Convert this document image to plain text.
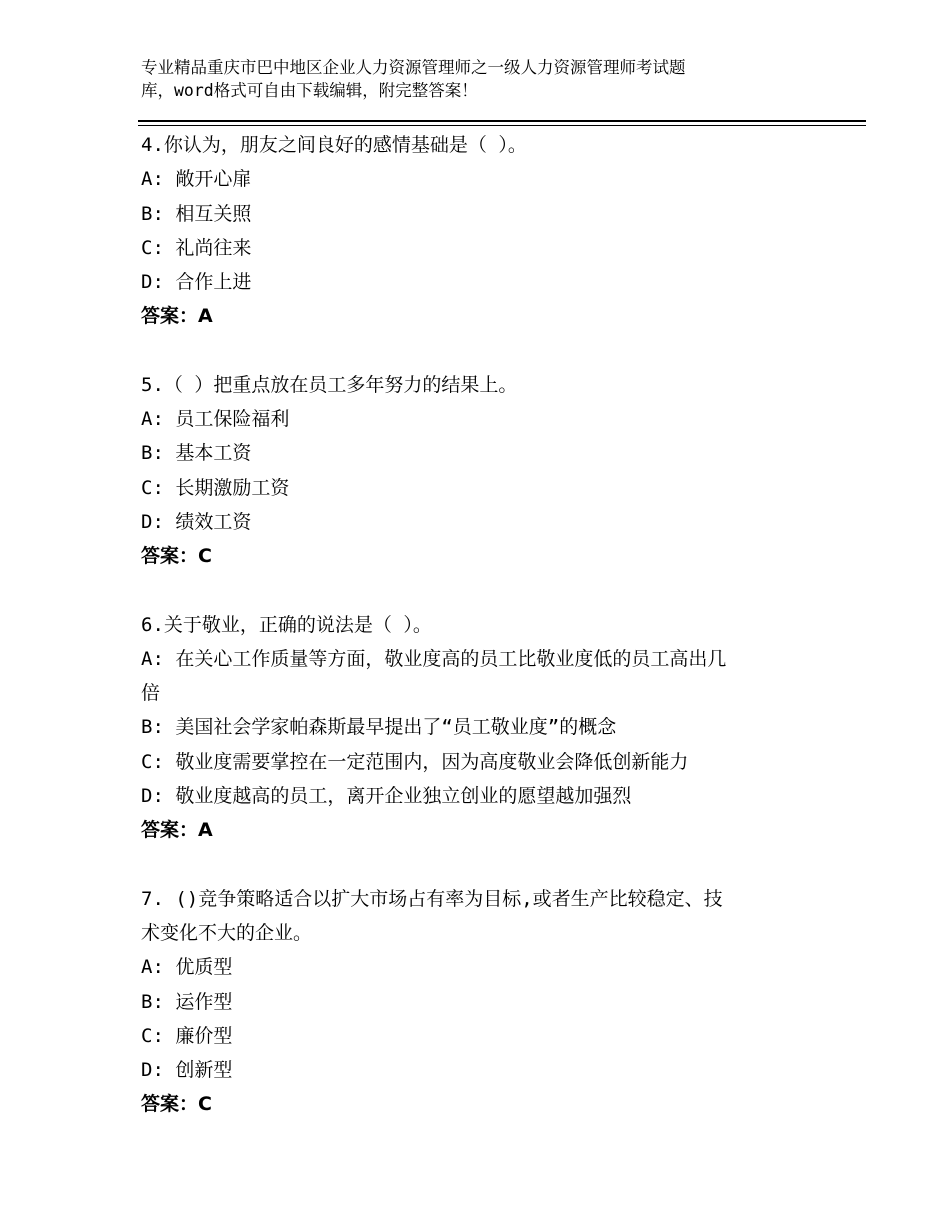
专业精品重庆市巴中地区企业人力资源管理师之一级人力资源管理师考试题
库，word格式可自由下载编辑，附完整答案！
4.你认为，朋友之间良好的感情基础是（ ）。
A: 敞开心扉
B: 相互关照
C: 礼尚往来
D: 合作上进
答案：A
5.（ ）把重点放在员工多年努力的结果上。
A: 员工保险福利
B: 基本工资
C: 长期激励工资
D: 绩效工资
答案：C
6.关于敬业，正确的说法是（ ）。
A: 在关心工作质量等方面，敬业度高的员工比敬业度低的员工高出几
倍
B: 美国社会学家帕森斯最早提出了“员工敬业度”的概念
C: 敬业度需要掌控在一定范围内，因为高度敬业会降低创新能力
D: 敬业度越高的员工，离开企业独立创业的愿望越加强烈
答案：A
7. ()竞争策略适合以扩大市场占有率为目标,或者生产比较稳定、技
术变化不大的企业。
A: 优质型
B: 运作型
C: 廉价型
D: 创新型
答案：C
